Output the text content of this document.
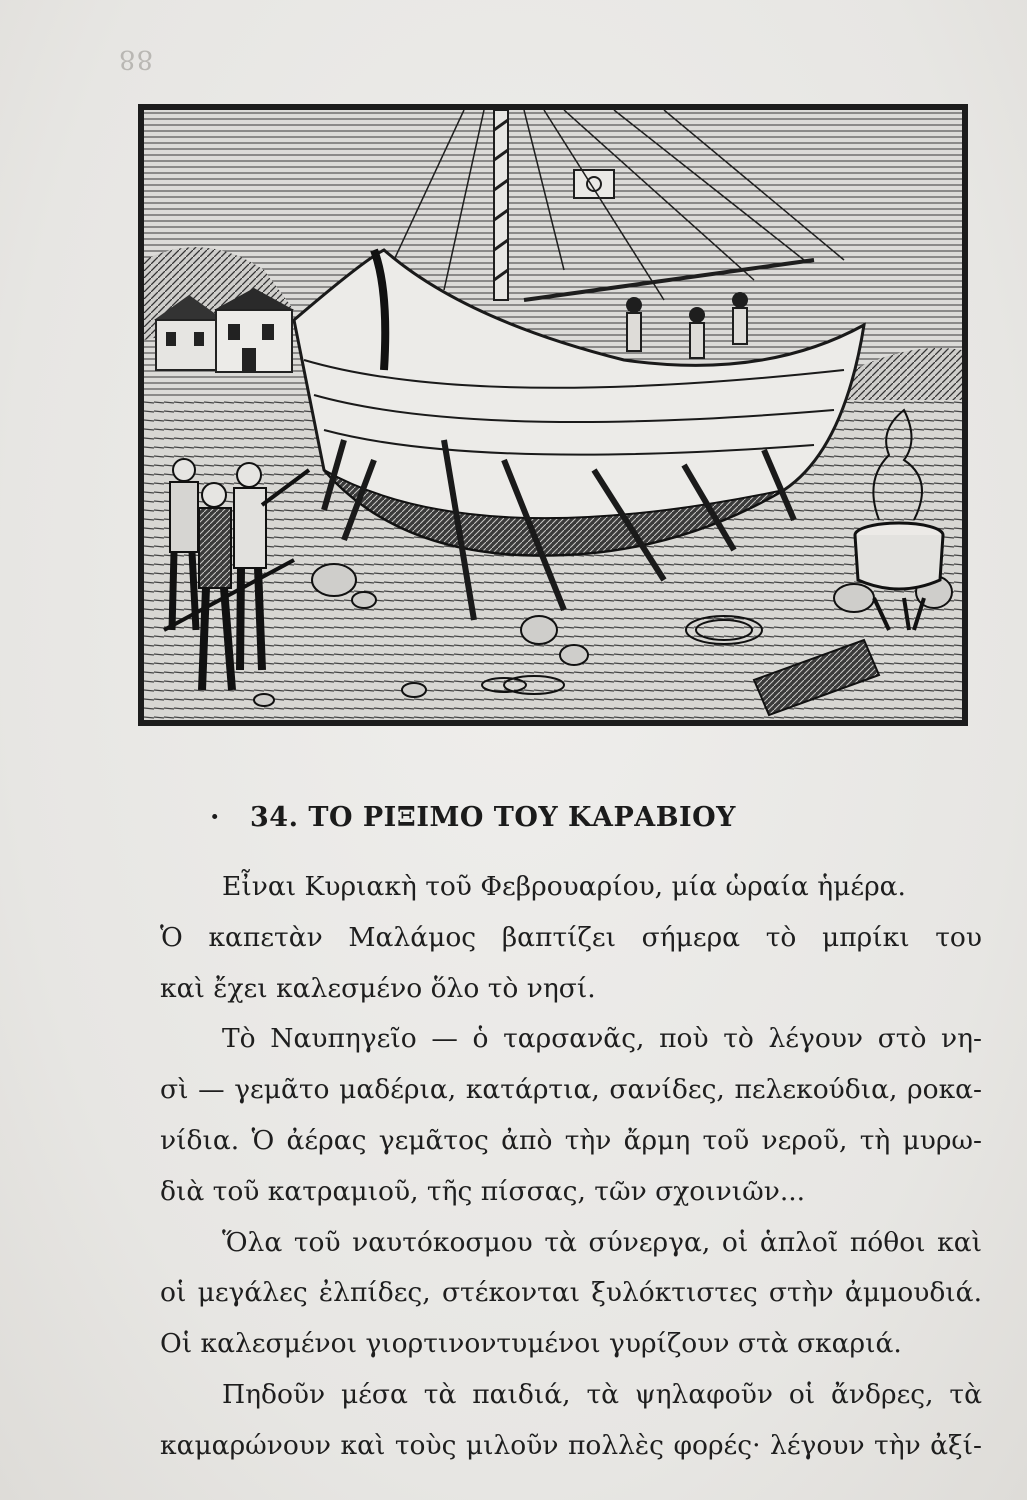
88
· 34. ΤΟ ΡΙΞΙΜΟ ΤΟΥ ΚΑΡΑΒΙΟΥ
Εἶναι Κυριακὴ τοῦ Φεβρουαρίου, μία ὡραία ἡμέρα.
Ὁ καπετὰν Μαλάμος βαπτίζει σήμερα τὸ μπρίκι του
καὶ ἔχει καλεσμένο ὅλο τὸ νησί.
Τὸ Ναυπηγεῖο — ὁ ταρσανᾶς, ποὺ τὸ λέγουν στὸ νη-
σὶ — γεμᾶτο μαδέρια, κατάρτια, σανίδες, πελεκούδια, ροκα-
νίδια. Ὁ ἀέρας γεμᾶτος ἀπὸ τὴν ἄρμη τοῦ νεροῦ, τὴ μυρω-
διὰ τοῦ κατραμιοῦ, τῆς πίσσας, τῶν σχοινιῶν...
Ὅλα τοῦ ναυτόκοσμου τὰ σύνεργα, οἱ ἁπλοῖ πόθοι καὶ
οἱ μεγάλες ἐλπίδες, στέκονται ξυλόκτιστες στὴν ἀμμουδιά.
Οἱ καλεσμένοι γιορτινοντυμένοι γυρίζουν στὰ σκαριά.
Πηδοῦν μέσα τὰ παιδιά, τὰ ψηλαφοῦν οἱ ἄνδρες, τὰ
καμαρώνουν καὶ τοὺς μιλοῦν πολλὲς φορές· λέγουν τὴν ἀξί-
